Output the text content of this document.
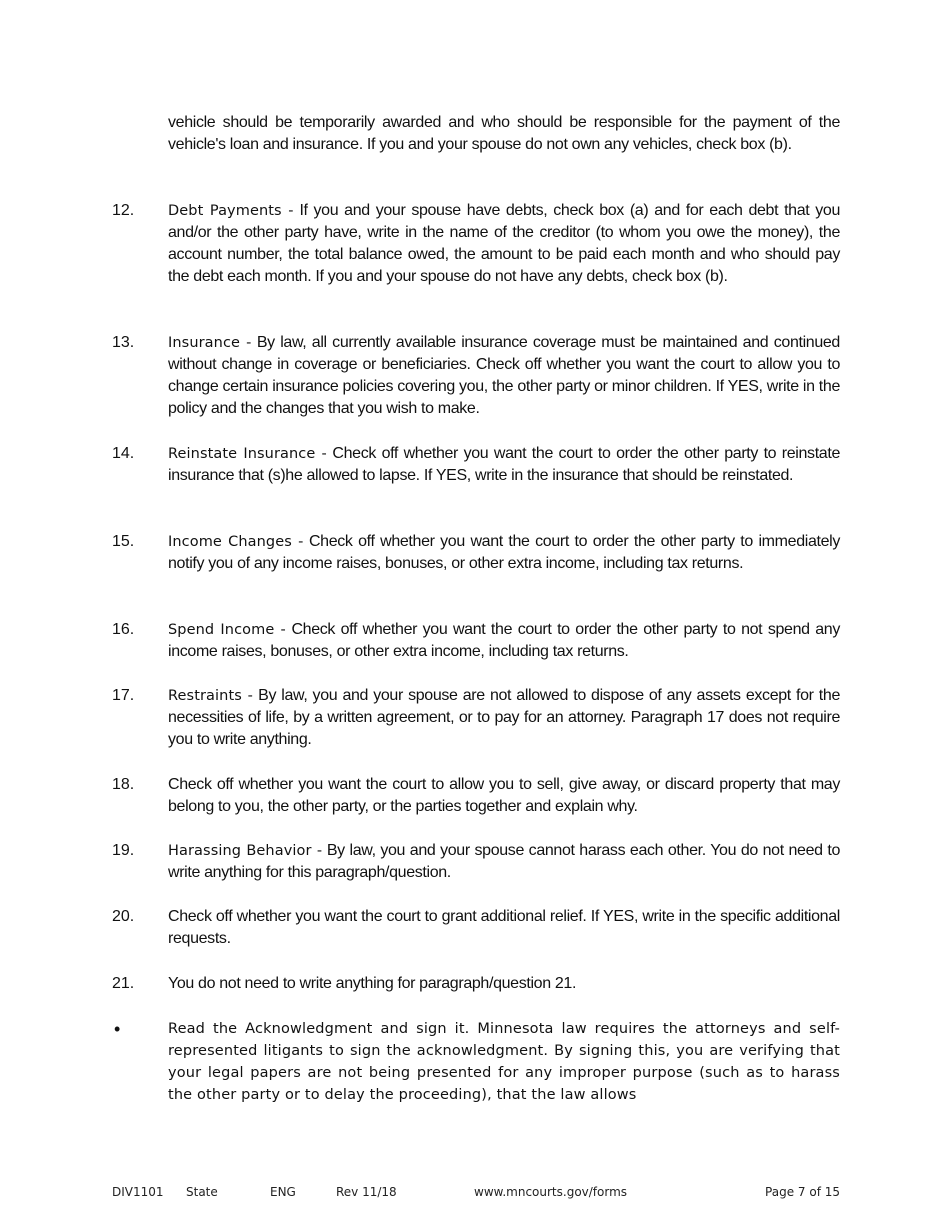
vehicle should be temporarily awarded and who should be responsible for the payment of the vehicle's loan and insurance. If you and your spouse do not own any vehicles, check box (b).
12.	Debt Payments - If you and your spouse have debts, check box (a) and for each debt that you and/or the other party have, write in the name of the creditor (to whom you owe the money), the account number, the total balance owed, the amount to be paid each month and who should pay the debt each month. If you and your spouse do not have any debts, check box (b).
13.	Insurance - By law, all currently available insurance coverage must be maintained and continued without change in coverage or beneficiaries. Check off whether you want the court to allow you to change certain insurance policies covering you, the other party or minor children. If YES, write in the policy and the changes that you wish to make.
14.	Reinstate Insurance - Check off whether you want the court to order the other party to reinstate insurance that (s)he allowed to lapse. If YES, write in the insurance that should be reinstated.
15.	Income Changes - Check off whether you want the court to order the other party to immediately notify you of any income raises, bonuses, or other extra income, including tax returns.
16.	Spend Income - Check off whether you want the court to order the other party to not spend any income raises, bonuses, or other extra income, including tax returns.
17.	Restraints - By law, you and your spouse are not allowed to dispose of any assets except for the necessities of life, by a written agreement, or to pay for an attorney. Paragraph 17 does not require you to write anything.
18.	Check off whether you want the court to allow you to sell, give away, or discard property that may belong to you, the other party, or the parties together and explain why.
19.	Harassing Behavior - By law, you and your spouse cannot harass each other. You do not need to write anything for this paragraph/question.
20.	Check off whether you want the court to grant additional relief. If YES, write in the specific additional requests.
21.	You do not need to write anything for paragraph/question 21.
•	Read the Acknowledgment and sign it. Minnesota law requires the attorneys and self-represented litigants to sign the acknowledgment. By signing this, you are verifying that your legal papers are not being presented for any improper purpose (such as to harass the other party or to delay the proceeding), that the law allows
DIV1101 State	ENG	Rev 11/18	www.mncourts.gov/forms	Page 7 of 15
